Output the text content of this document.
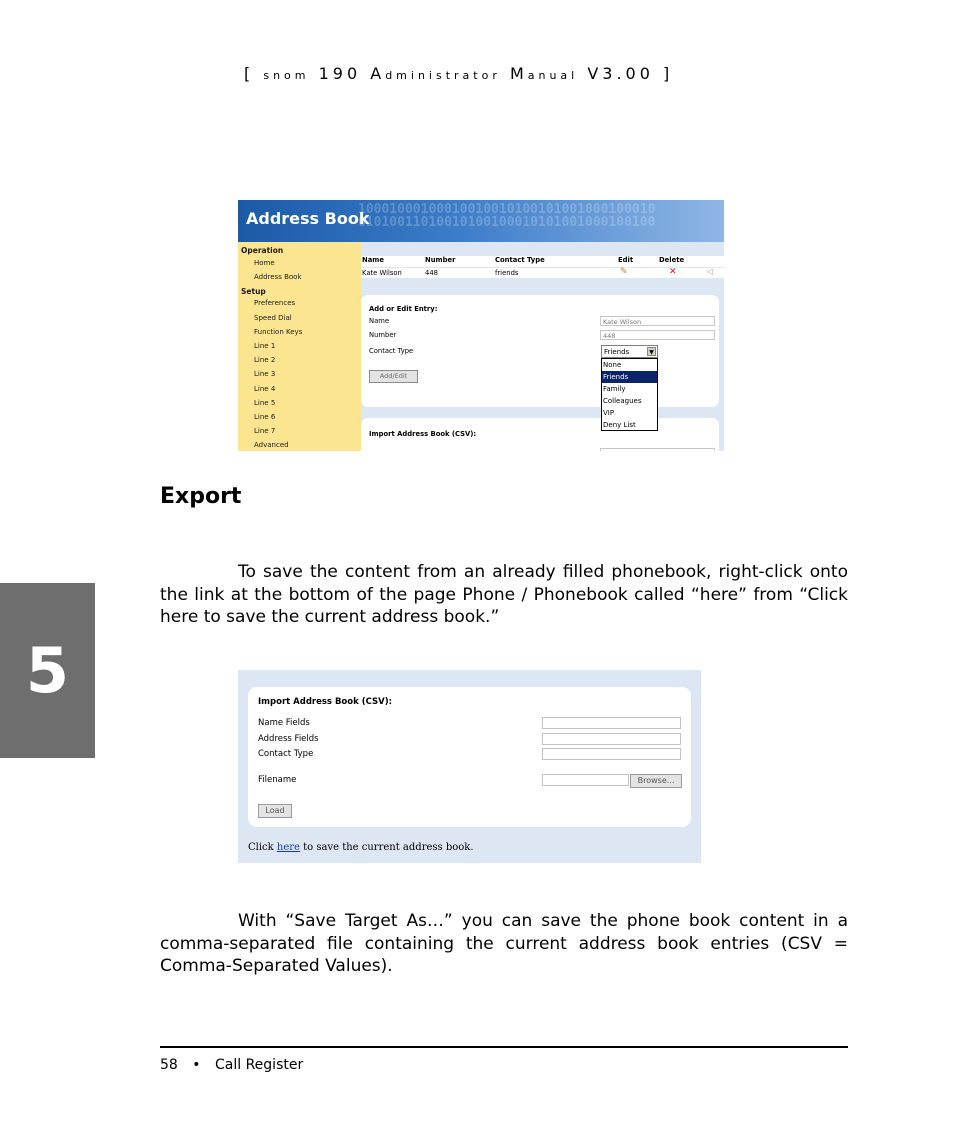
[ snom 190 Administrator Manual V3.00 ]
10001000100010010010100101001000100010
01010011010010100100010101001000100100
Address Book
Operation
Home
Address Book
Setup
Preferences
Speed Dial
Function Keys
Line 1
Line 2
Line 3
Line 4
Line 5
Line 6
Line 7
Advanced
Name	Number	Contact Type	Edit	Delete
Kate Wilson	448	friends	✎	✕	◁
Add or Edit Entry:
Name	Kate Wilson
Number	448
Contact Type
Add/Edit
Import Address Book (CSV):
Friends	▼
None
Friends
Family
Colleagues
VIP
Deny List
Export
5
To save the content from an already filled phonebook, right-click onto the link at the bottom of the page Phone / Phonebook called “here” from “Click here to save the current address book.”
Import Address Book (CSV):
Name Fields
Address Fields
Contact Type
Filename	Browse...
Load
Click here to save the current address book.
With “Save Target As…” you can save the phone book content in a comma-separated file containing the current address book entries (CSV = Comma-Separated Values).
58 • Call Register
